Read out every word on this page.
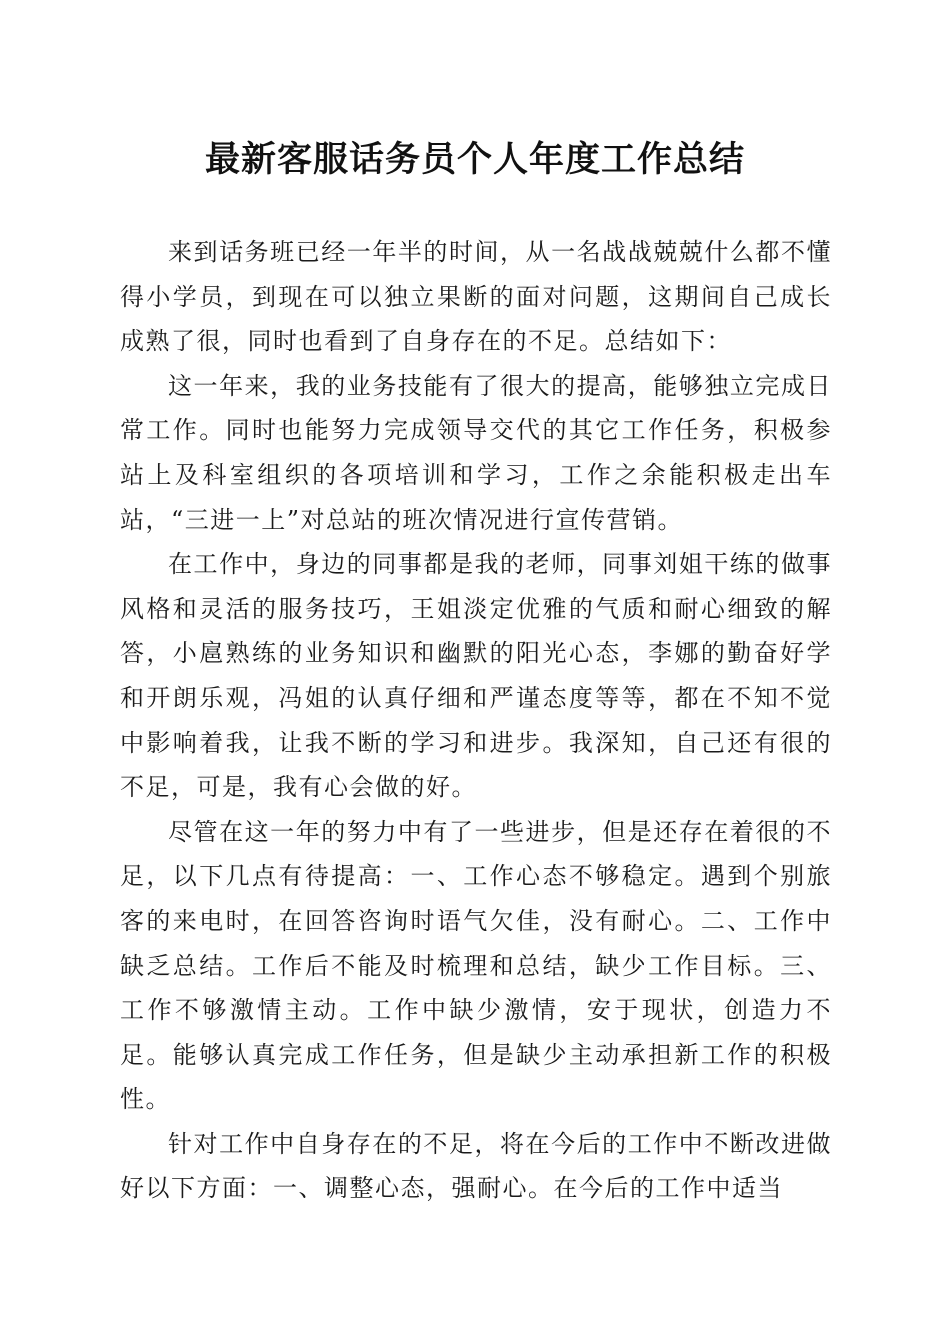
最新客服话务员个人年度工作总结

来到话务班已经一年半的时间，从一名战战兢兢什么都不懂得小学员，到现在可以独立果断的面对问题，这期间自己成长成熟了很，同时也看到了自身存在的不足。总结如下：

这一年来，我的业务技能有了很大的提高，能够独立完成日常工作。同时也能努力完成领导交代的其它工作任务，积极参站上及科室组织的各项培训和学习，工作之余能积极走出车站，“三进一上”对总站的班次情况进行宣传营销。

在工作中，身边的同事都是我的老师，同事刘姐干练的做事风格和灵活的服务技巧，王姐淡定优雅的气质和耐心细致的解答，小扈熟练的业务知识和幽默的阳光心态，李娜的勤奋好学和开朗乐观，冯姐的认真仔细和严谨态度等等，都在不知不觉中影响着我，让我不断的学习和进步。我深知，自己还有很的不足，可是，我有心会做的好。

尽管在这一年的努力中有了一些进步，但是还存在着很的不足，以下几点有待提高：一、工作心态不够稳定。遇到个别旅客的来电时，在回答咨询时语气欠佳，没有耐心。二、工作中缺乏总结。工作后不能及时梳理和总结，缺少工作目标。三、工作不够激情主动。工作中缺少激情，安于现状，创造力不足。能够认真完成工作任务，但是缺少主动承担新工作的积极性。

针对工作中自身存在的不足，将在今后的工作中不断改进做好以下方面：一、调整心态，强耐心。在今后的工作中适当
